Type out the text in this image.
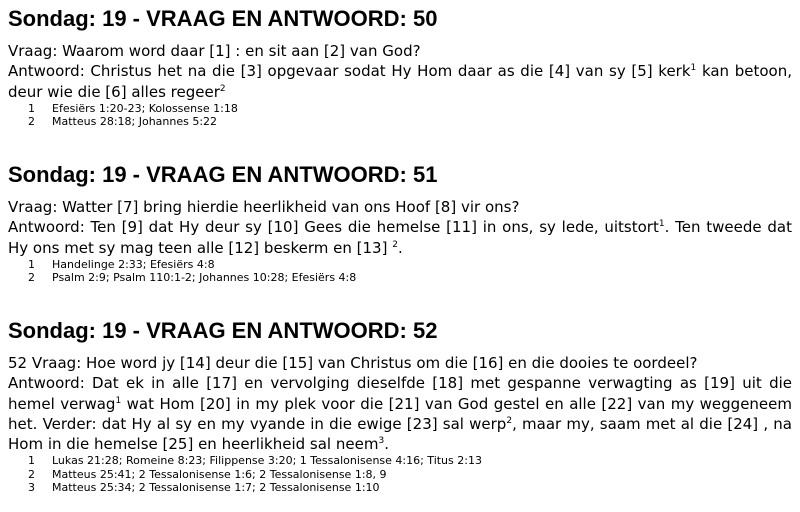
Sondag: 19 - VRAAG EN ANTWOORD: 50

Vraag: Waarom word daar [1] : en sit aan [2] van God?

Antwoord: Christus het na die [3] opgevaar sodat Hy Hom daar as die [4] van sy [5] kerk$^1$ kan betoon, deur wie die [6] alles regeer$^2$

1 Efesiërs 1:20-23; Kolossense 1:18
2 Matteus 28:18; Johannes 5:22
Sondag: 19 - VRAAG EN ANTWOORD: 51

Vraag: Watter [7] bring hierdie heerlikheid van ons Hoof [8] vir ons?

Antwoord: Ten [9] dat Hy deur sy [10] Gees die hemelse [11] in ons, sy lede, uitstort$^1$. Ten tweede dat Hy ons met sy mag teen alle [12] beskerm en [13] $^2$.

1 Handelinge 2:33; Efesiërs 4:8
2 Psalm 2:9; Psalm 110:1-2; Johannes 10:28; Efesiërs 4:8
Sondag: 19 - VRAAG EN ANTWOORD: 52

52 Vraag: Hoe word jy [14] deur die [15] van Christus om die [16] en die dooies te oordeel?

Antwoord: Dat ek in alle [17] en vervolging dieselfde [18] met gespanne verwagting as [19] uit die hemel verwag$^1$ wat Hom [20] in my plek voor die [21] van God gestel en alle [22] van my weggeneem het. Verder: dat Hy al sy en my vyande in die ewige [23] sal werp$^2$, maar my, saam met al die [24] , na Hom in die hemelse [25] en heerlikheid sal neem$^3$.

1 Lukas 21:28; Romeine 8:23; Filippense 3:20; 1 Tessalonisense 4:16; Titus 2:13
2 Matteus 25:41; 2 Tessalonisense 1:6; 2 Tessalonisense 1:8, 9
3 Matteus 25:34; 2 Tessalonisense 1:7; 2 Tessalonisense 1:10
